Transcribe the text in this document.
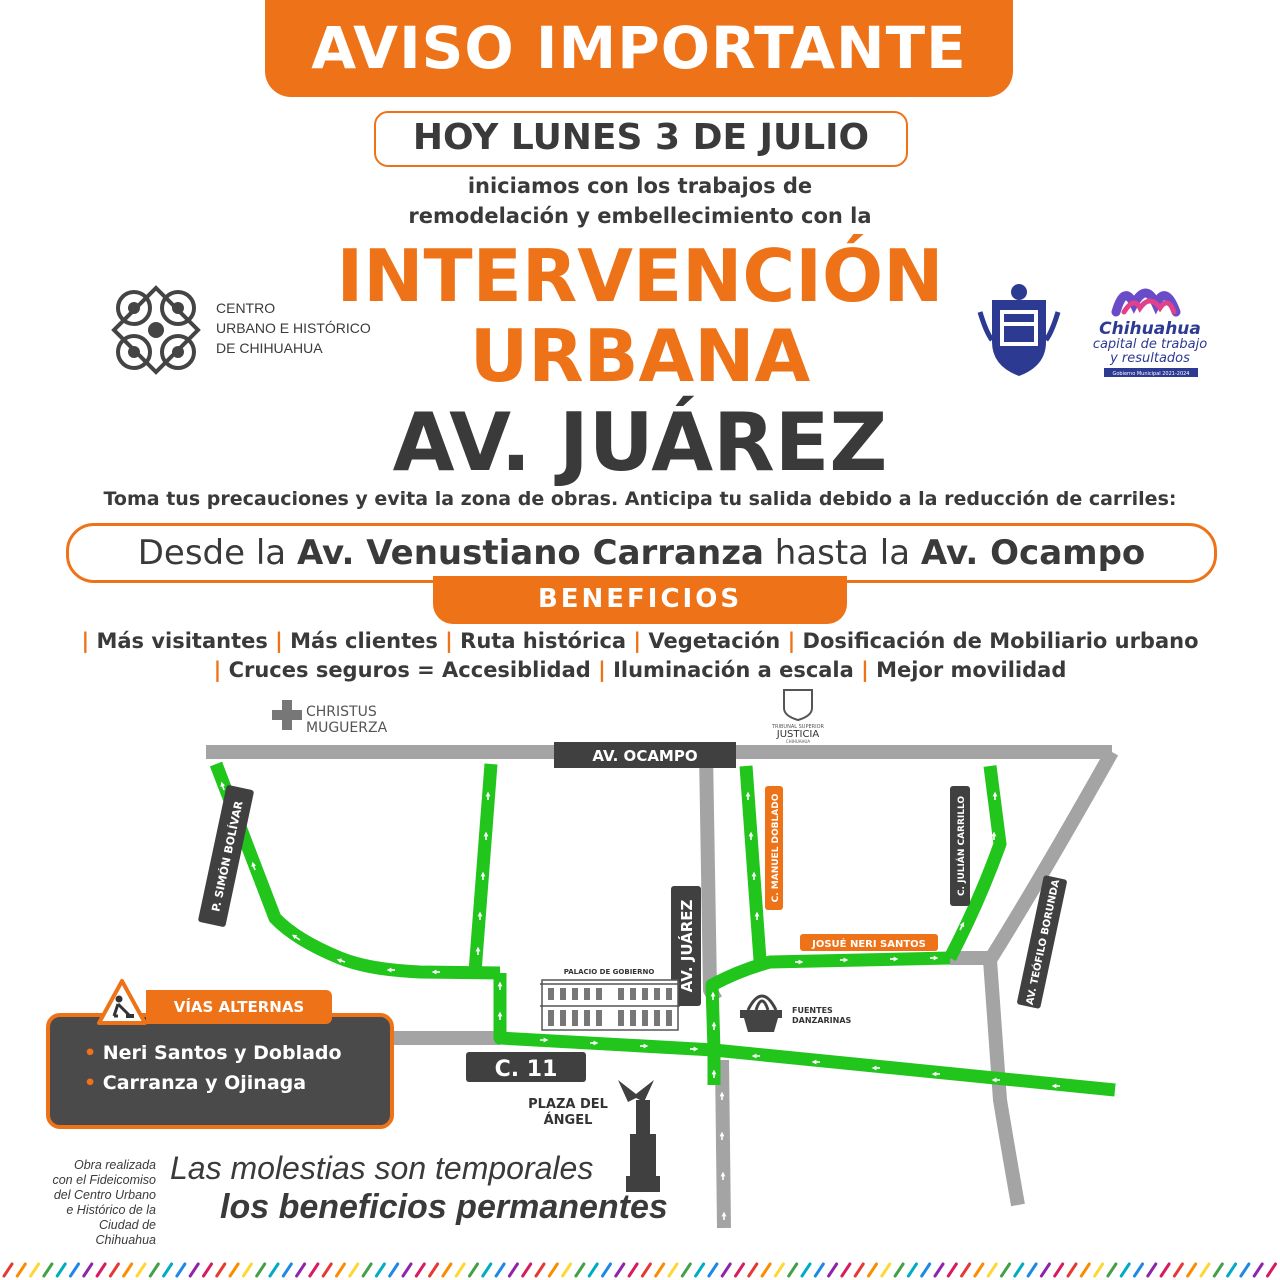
AVISO IMPORTANTE
HOY LUNES 3 DE JULIO
iniciamos con los trabajos de
remodelación y embellecimiento con la
INTERVENCIÓN
URBANA
AV. JUÁREZ
CENTRO
URBANO E HISTÓRICO
DE CHIHUAHUA
Chihuahua
capital de trabajo
y resultados
Gobierno Municipal 2021-2024
Toma tus precauciones y evita la zona de obras. Anticipa tu salida debido a la reducción de carriles:
Desde la Av. Venustiano Carranza hasta la Av. Ocampo
BENEFICIOS
| Más visitantes | Más clientes | Ruta histórica | Vegetación | Dosificación de Mobiliario urbano
| Cruces seguros = Accesiblidad | Iluminación a escala | Mejor movilidad
AV. OCAMPO
P. SIMÓN BOLÍVAR
AV. JUÁREZ
C. MANUEL DOBLADO	C. JULIÁN CARRILLO
JOSUÉ NERI SANTOS	AV. TEÓFILO BORUNDA
C. 11
CHRISTUS
MUGUERZA	TRIBUNAL SUPERIOR
JUSTICIA
CHIHUAHUA
PALACIO DE GOBIERNO
FUENTES
DANZARINAS
PLAZA DEL
ÁNGEL
VÍAS ALTERNAS
• Neri Santos y Doblado
• Carranza y Ojinaga
Obra realizada
con el Fideicomiso
del Centro Urbano
e Histórico de la
Ciudad de Chihuahua
Las molestias son temporales
los beneficios permanentes
